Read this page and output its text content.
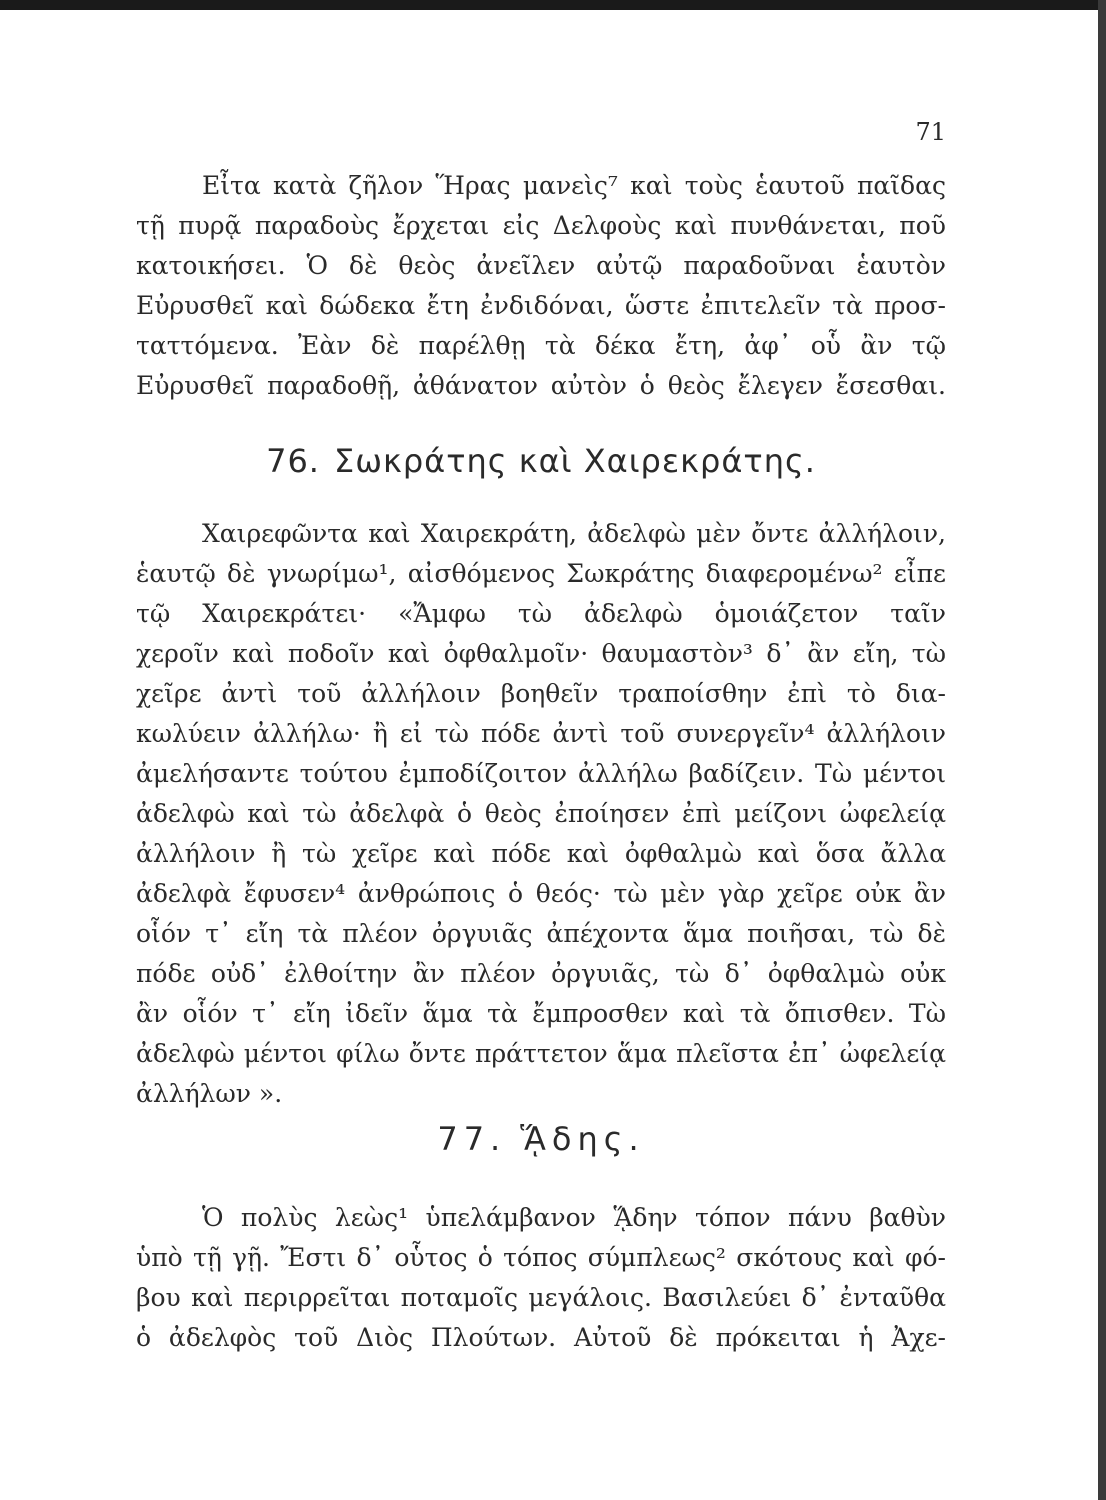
71
Εἶτα κατὰ ζῆλον Ἥρας μανεὶς⁷ καὶ τοὺς ἑαυτοῦ παῖδας
τῇ πυρᾷ παραδοὺς ἔρχεται εἰς Δελφοὺς καὶ πυνθάνεται, ποῦ
κατοικήσει. Ὁ δὲ θεὸς ἀνεῖλεν αὐτῷ παραδοῦναι ἑαυτὸν
Εὐρυσθεῖ καὶ δώδεκα ἔτη ἐνδιδόναι, ὥστε ἐπιτελεῖν τὰ προσ-
ταττόμενα. Ἐὰν δὲ παρέλθῃ τὰ δέκα ἔτη, ἀφ᾽ οὗ ἂν τῷ
Εὐρυσθεῖ παραδοθῇ, ἀθάνατον αὐτὸν ὁ θεὸς ἔλεγεν ἔσεσθαι.
76. Σωκράτης καὶ Χαιρεκράτης.
Χαιρεφῶντα καὶ Χαιρεκράτη, ἀδελφὼ μὲν ὄντε ἀλλήλοιν,
ἑαυτῷ δὲ γνωρίμω¹, αἰσθόμενος Σωκράτης διαφερομένω² εἶπε
τῷ Χαιρεκράτει· «Ἄμφω τὼ ἀδελφὼ ὁμοιάζετον ταῖν
χεροῖν καὶ ποδοῖν καὶ ὀφθαλμοῖν· θαυμαστὸν³ δ᾽ ἂν εἴη, τὼ
χεῖρε ἀντὶ τοῦ ἀλλήλοιν βοηθεῖν τραποίσθην ἐπὶ τὸ δια-
κωλύειν ἀλλήλω· ἢ εἰ τὼ πόδε ἀντὶ τοῦ συνεργεῖν⁴ ἀλλήλοιν
ἀμελήσαντε τούτου ἐμποδίζοιτον ἀλλήλω βαδίζειν. Τὼ μέντοι
ἀδελφὼ καὶ τὼ ἀδελφὰ ὁ θεὸς ἐποίησεν ἐπὶ μείζονι ὠφελείᾳ
ἀλλήλοιν ἢ τὼ χεῖρε καὶ πόδε καὶ ὀφθαλμὼ καὶ ὅσα ἄλλα
ἀδελφὰ ἔφυσεν⁴ ἀνθρώποις ὁ θεός· τὼ μὲν γὰρ χεῖρε οὐκ ἂν
οἷόν τ᾽ εἴη τὰ πλέον ὀργυιᾶς ἀπέχοντα ἅμα ποιῆσαι, τὼ δὲ
πόδε οὐδ᾽ ἐλθοίτην ἂν πλέον ὀργυιᾶς, τὼ δ᾽ ὀφθαλμὼ οὐκ
ἂν οἷόν τ᾽ εἴη ἰδεῖν ἅμα τὰ ἔμπροσθεν καὶ τὰ ὄπισθεν. Τὼ
ἀδελφὼ μέντοι φίλω ὄντε πράττετον ἅμα πλεῖστα ἐπ᾽ ὠφελείᾳ
ἀλλήλων ».
77. ᾍδης.
Ὁ πολὺς λεὼς¹ ὑπελάμβανον ᾍδην τόπον πάνυ βαθὺν
ὑπὸ τῇ γῇ. Ἔστι δ᾽ οὗτος ὁ τόπος σύμπλεως² σκότους καὶ φό-
βου καὶ περιρρεῖται ποταμοῖς μεγάλοις. Βασιλεύει δ᾽ ἐνταῦθα
ὁ ἀδελφὸς τοῦ Διὸς Πλούτων. Αὐτοῦ δὲ πρόκειται ἡ Ἀχε-
